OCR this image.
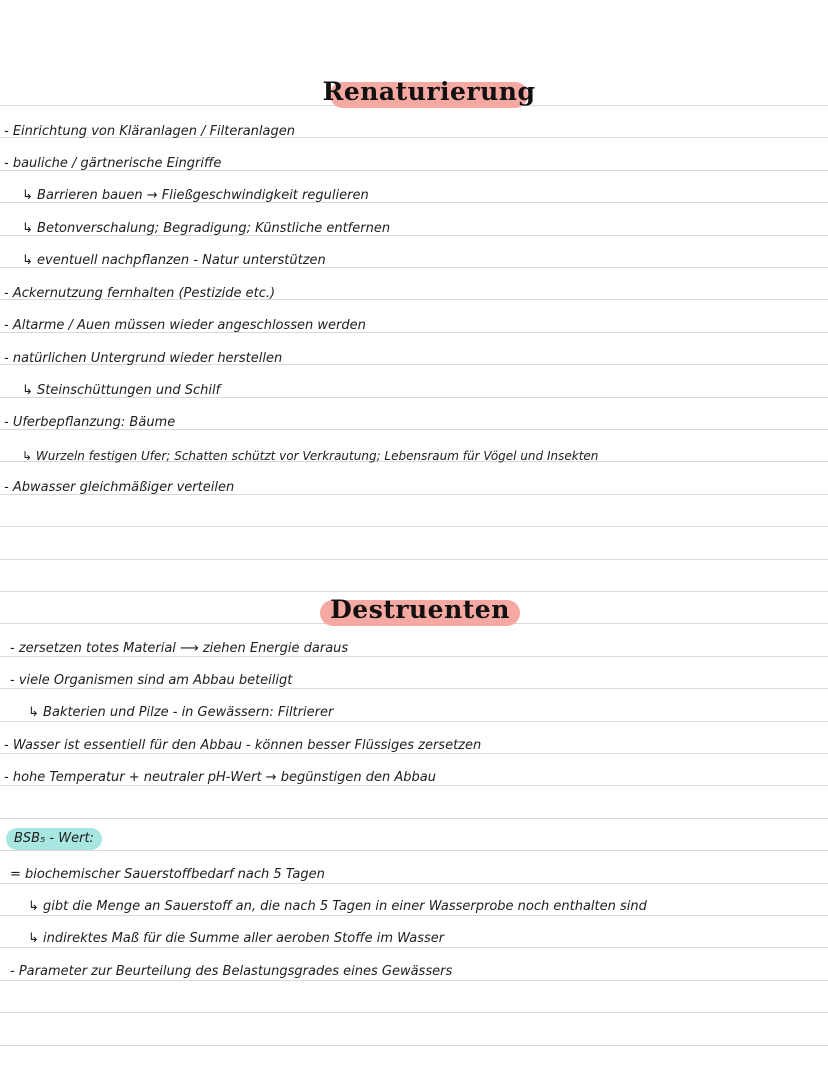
Renaturierung
- Einrichtung von Kläranlagen / Filteranlagen
- bauliche / gärtnerische Eingriffe
↳ Barrieren bauen → Fließgeschwindigkeit regulieren
↳ Betonverschalung; Begradigung; Künstliche entfernen
↳ eventuell nachpflanzen - Natur unterstützen
- Ackernutzung fernhalten (Pestizide etc.)
- Altarme / Auen müssen wieder angeschlossen werden
- natürlichen Untergrund wieder herstellen
↳ Steinschüttungen und Schilf
- Uferbepflanzung: Bäume
↳ Wurzeln festigen Ufer; Schatten schützt vor Verkrautung; Lebensraum für Vögel und Insekten
- Abwasser gleichmäßiger verteilen
Destruenten
- zersetzen totes Material ⟶ ziehen Energie daraus
- viele Organismen sind am Abbau beteiligt
↳ Bakterien und Pilze - in Gewässern: Filtrierer
- Wasser ist essentiell für den Abbau - können besser Flüssiges zersetzen
- hohe Temperatur + neutraler pH-Wert → begünstigen den Abbau
BSB₅ - Wert:
= biochemischer Sauerstoffbedarf nach 5 Tagen
↳ gibt die Menge an Sauerstoff an, die nach 5 Tagen in einer Wasserprobe noch enthalten sind
↳ indirektes Maß für die Summe aller aeroben Stoffe im Wasser
- Parameter zur Beurteilung des Belastungsgrades eines Gewässers
